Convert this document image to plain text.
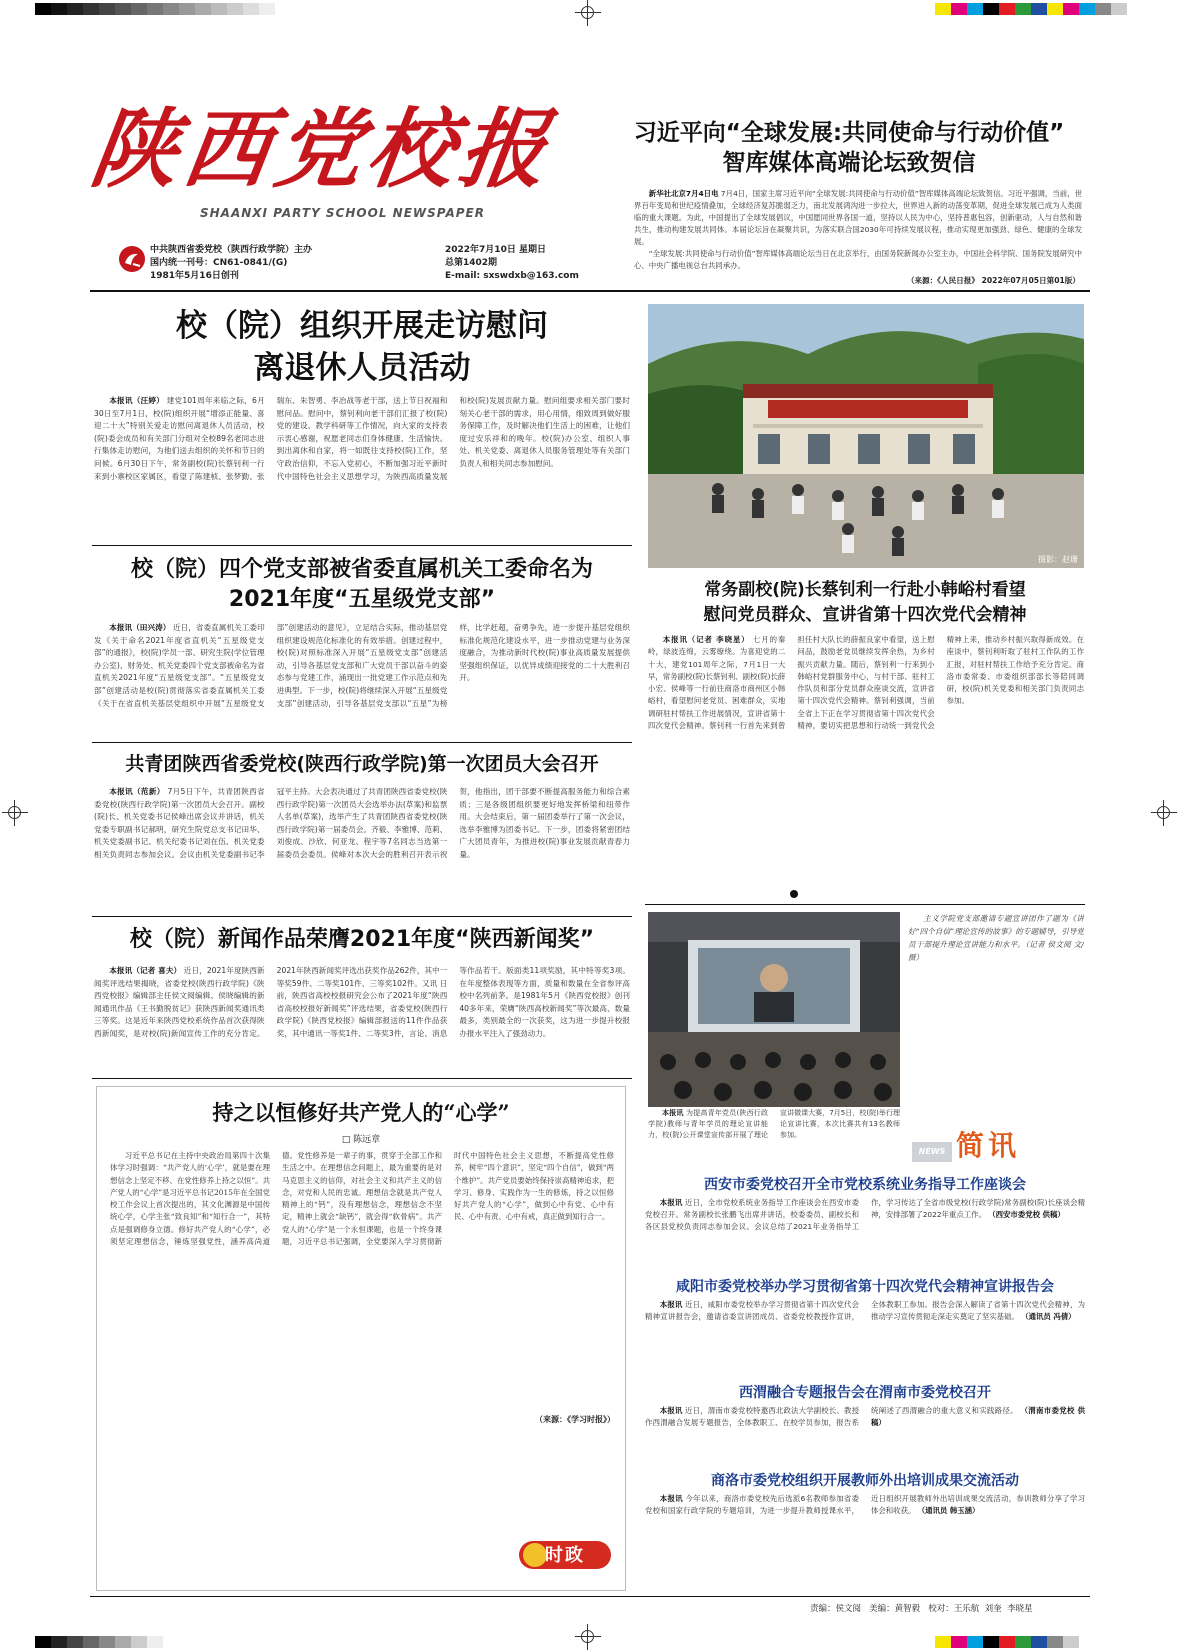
陕西党校报
SHAANXI PARTY SCHOOL NEWSPAPER
中共陕西省委党校（陕西行政学院）主办
国内统一刊号：CN61-0841/(G)
1981年5月16日创刊
2022年7月10日 星期日
总第1402期
E-mail: sxswdxb@163.com
习近平向“全球发展:共同使命与行动价值”
智库媒体高端论坛致贺信

新华社北京7月4日电 7月4日，国家主席习近平向“全球发展:共同使命与行动价值”智库媒体高端论坛致贺信。习近平强调，当前，世界百年变局和世纪疫情叠加，全球经济复苏脆弱乏力，南北发展鸿沟进一步拉大，世界进入新的动荡变革期，促进全球发展已成为人类面临的重大课题。为此，中国提出了全球发展倡议，中国愿同世界各国一道，坚持以人民为中心，坚持普惠包容，创新驱动，人与自然和谐共生，推动构建发展共同体。本届论坛旨在凝聚共识，为落实联合国2030年可持续发展议程，推动实现更加强劲、绿色、健康的全球发展。

“全球发展:共同使命与行动价值”智库媒体高端论坛当日在北京举行，由国务院新闻办公室主办，中国社会科学院、国务院发展研究中心、中央广播电视总台共同承办。

（来源：《人民日报》 2022年07月05日第01版）
校（院）组织开展走访慰问
离退休人员活动

本报讯（汪婷） 建党101周年来临之际，6月30日至7月1日，校(院)组织开展“增添正能量、喜迎二十大”特别关爱走访慰问离退休人员活动，校(院)委会成员和有关部门分组对全校89名老同志进行集体走访慰问，为他们送去组织的关怀和节日的问候。6月30日下午，常务副校(院)长蔡钊利一行来到小寨校区家属区，看望了陈建桢、张梦勤、张瑞东、朱智勇、李冶战等老干部，送上节日祝福和慰问品。慰问中，蔡钊利向老干部们汇报了校(院)党的建设、教学科研等工作情况，向大家的支持表示衷心感谢，祝愿老同志们身体健康、生活愉快。到出离休和自家，将一如既往支持校(院)工作，坚守政治信仰，不忘入党初心，不断加强习近平新时代中国特色社会主义思想学习，为陕西高质量发展和校(院)发展贡献力量。慰问组要求相关部门要时刻关心老干部的需求，用心用情，细致周到做好服务保障工作，及时解决他们生活上的困难，让他们度过安乐祥和的晚年。校(院)办公室、组织人事处、机关党委、离退休人员服务管理处等有关部门负责人和相关同志参加慰问。

摄影：赵珊
校（院）四个党支部被省委直属机关工委命名为
2021年度“五星级党支部”

本报讯（田兴涛） 近日，省委直属机关工委印发《关于命名2021年度省直机关“五星级党支部”的通报》，校(院)学员一部、研究生院(学位管理办公室)、财务处、机关党委四个党支部被命名为省直机关2021年度“五星级党支部”。“五星级党支部”创建活动是校(院)贯彻落实省委直属机关工委《关于在省直机关基层党组织中开展“五星级党支部”创建活动的意见》，立足结合实际，推动基层党组织建设规范化标准化的有效举措。创建过程中，校(院)对照标准深入开展“五星级党支部”创建活动，引导各基层党支部和广大党员干部以奋斗的姿态参与党建工作，涌现出一批党建工作示范点和先进典型。下一步，校(院)将继续深入开展“五星级党支部”创建活动，引导各基层党支部以“五星”为榜样，比学赶超，奋勇争先，进一步提升基层党组织标准化规范化建设水平，进一步推动党建与业务深度融合，为推动新时代校(院)事业高质量发展提供坚强组织保证，以优异成绩迎接党的二十大胜利召开。

共青团陕西省委党校(陕西行政学院)第一次团员大会召开

本报讯（范新） 7月5日下午，共青团陕西省委党校(陕西行政学院)第一次团员大会召开。副校(院)长、机关党委书记侯峰出席会议并讲话，机关党委专职副书记郝明，研究生院党总支书记田华、机关党委副书记、机关纪委书记刘在伍、机关党委相关负责同志参加会议。会议由机关党委副书记李冠平主持。大会表决通过了共青团陕西省委党校(陕西行政学院)第一次团员大会选举办法(草案)和监票人名单(草案)，选举产生了共青团陕西省委党校(陕西行政学院)第一届委员会。齐毅、李雅博、范莉、刘俊成、沙欣、何亚龙、程宇等7名同志当选第一届委员会委员。侯峰对本次大会的胜利召开表示祝贺，他指出，团干部要不断提高服务能力和综合素质；三是各级团组织要更好地发挥桥梁和纽带作用。大会结束后，第一届团委举行了第一次会议，选举李雅博为团委书记。下一步，团委将紧密团结广大团员青年，为推进校(院)事业发展贡献青春力量。

常务副校(院)长蔡钊利一行赴小韩峪村看望
慰问党员群众、宣讲省第十四次党代会精神

本报讯（记者 李晓星） 七月的秦岭，绿波连绵，云雾缭绕。为喜迎党的二十大，建党101周年之际，7月1日一大早，常务副校(院)长蔡钊利、副校(院)长薛小宏、侯峰等一行前往商洛市商州区小韩峪村，看望慰问老党员、困难群众，实地调研驻村帮扶工作进展情况，宣讲省第十四次党代会精神。蔡钊利一行首先来到曾担任村大队长的薛振良家中看望，送上慰问品，鼓励老党员继续发挥余热，为乡村振兴贡献力量。随后，蔡钊利一行来到小韩峪村党群服务中心，与村干部、驻村工作队员和部分党员群众座谈交流，宣讲省第十四次党代会精神。蔡钊利强调，当前全省上下正在学习贯彻省第十四次党代会精神，要切实把思想和行动统一到党代会精神上来，推动乡村振兴取得新成效。在座谈中，蔡钊利听取了驻村工作队的工作汇报，对驻村帮扶工作给予充分肯定。商洛市委常委、市委组织部部长等陪同调研，校(院)机关党委和相关部门负责同志参加。

校（院）新闻作品荣膺2021年度“陕西新闻奖”

本报讯（记者 喜夫） 近日，2021年度陕西新闻奖评选结果揭晓，省委党校(陕西行政学院)《陕西党校报》编辑部主任侯文阅编辑、侯晓编辑的新闻通讯作品《王书勤脱贫记》获陕西新闻奖通讯类三等奖。这是近年来陕西党校系统作品首次获得陕西新闻奖，是对校(院)新闻宣传工作的充分肯定。2021年陕西新闻奖评选出获奖作品262件，其中一等奖59件、二等奖101件、三等奖102件。又讯 日前，陕西省高校校报研究会公布了2021年度“陕西省高校校报好新闻奖”评选结果，省委党校(陕西行政学院)《陕西党校报》编辑部报送的11件作品获奖，其中通讯一等奖1件、二等奖3件，言论、消息等作品若干。版面类11项奖励，其中特等奖3项。在年度整体表现等方面，质量和数量在全省参评高校中名列前茅。是1981年5月《陕西党校报》创刊40多年来，荣膺“陕西高校新闻奖”等次最高、数量最多，类别最全的一次获奖，这为进一步提升校报办报水平注入了强劲动力。

本报讯 为提高青年党员(陕西行政学院)教师与青年学员的理论宣讲能力，校(院)公开课堂宣传部开展了理论宣讲微课大赛，7月5日，校(院)举行理论宣讲比赛，本次比赛共有13名教师参加。

主义学院党支部邀请专题宣讲团作了题为《讲好“四个自信”理论宣传的故事》的专题辅导，引导党员干部提升理论宣讲能力和水平。（记者 侯文阅 文/摄）

NEWS 简讯
持之以恒修好共产党人的“心学”
□ 陈远章

习近平总书记在主持中央政治局第四十次集体学习时强调：“共产党人的‘心学’，就是要在理想信念上坚定不移、在党性修养上持之以恒”。共产党人的“心学”是习近平总书记2015年在全国党校工作会议上首次提出的，其文化渊源是中国传统心学，心学主张“致良知”和“知行合一”，其特点是强调修身立德。修好共产党人的“心学”，必须坚定理想信念，锤炼坚强党性，涵养高尚道德。党性修养是一辈子的事，贯穿于全部工作和生活之中。在理想信念问题上，最为重要的是对马克思主义的信仰，对社会主义和共产主义的信念，对党和人民的忠诚。理想信念就是共产党人精神上的“钙”，没有理想信念，理想信念不坚定，精神上就会“缺钙”，就会得“软骨病”。共产党人的“心学”是一个永恒课题，也是一个终身课题，习近平总书记强调，全党要深入学习贯彻新时代中国特色社会主义思想，不断提高党性修养，树牢“四个意识”，坚定“四个自信”，做到“两个维护”。共产党员要始终保持崇高精神追求，把学习、修身、实践作为一生的修炼，持之以恒修好共产党人的“心学”，做到心中有党、心中有民、心中有责、心中有戒，真正做到知行合一。

（来源：《学习时报》）
时政
西安市委党校召开全市党校系统业务指导工作座谈会

本报讯 近日，全市党校系统业务指导工作座谈会在西安市委党校召开。常务副校长张鹏飞出席并讲话，校委委员、副校长和各区县党校负责同志参加会议。会议总结了2021年业务指导工作，学习传达了全省市级党校(行政学院)常务副校(院)长座谈会精神，安排部署了2022年重点工作。 （西安市委党校 供稿）

咸阳市委党校举办学习贯彻省第十四次党代会精神宣讲报告会

本报讯 近日，咸阳市委党校举办学习贯彻省第十四次党代会精神宣讲报告会，邀请省委宣讲团成员、省委党校教授作宣讲，全体教职工参加。报告会深入解读了省第十四次党代会精神，为推动学习宣传贯彻走深走实奠定了坚实基础。 （通讯员 冯倩）

西渭融合专题报告会在渭南市委党校召开

本报讯 近日，渭南市委党校特邀西北政法大学副校长、教授作西渭融合发展专题报告，全体教职工、在校学员参加，报告系统阐述了西渭融合的重大意义和实践路径。 （渭南市委党校 供稿）

商洛市委党校组织开展教师外出培训成果交流活动

本报讯 今年以来，商洛市委党校先后选派6名教师参加省委党校和国家行政学院的专题培训，为进一步提升教师授课水平，近日组织开展教师外出培训成果交流活动，参训教师分享了学习体会和收获。 （通讯员 韩玉涵）

责编：侯文阅 美编：黄智毅 校对：王乐航 刘奎 李晓星
